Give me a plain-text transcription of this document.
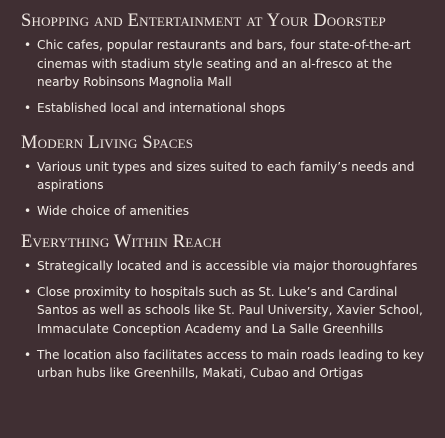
Shopping and Entertainment at Your Doorstep
• Chic cafes, popular restaurants and bars, four state-of-the-art cinemas with stadium style seating and an al-fresco at the nearby Robinsons Magnolia Mall
• Established local and international shops
Modern Living Spaces
• Various unit types and sizes suited to each family’s needs and aspirations
• Wide choice of amenities
Everything Within Reach
• Strategically located and is accessible via major thoroughfares
• Close proximity to hospitals such as St. Luke’s and Cardinal Santos as well as schools like St. Paul University, Xavier School, Immaculate Conception Academy and La Salle Greenhills
• The location also facilitates access to main roads leading to key urban hubs like Greenhills, Makati, Cubao and Ortigas
